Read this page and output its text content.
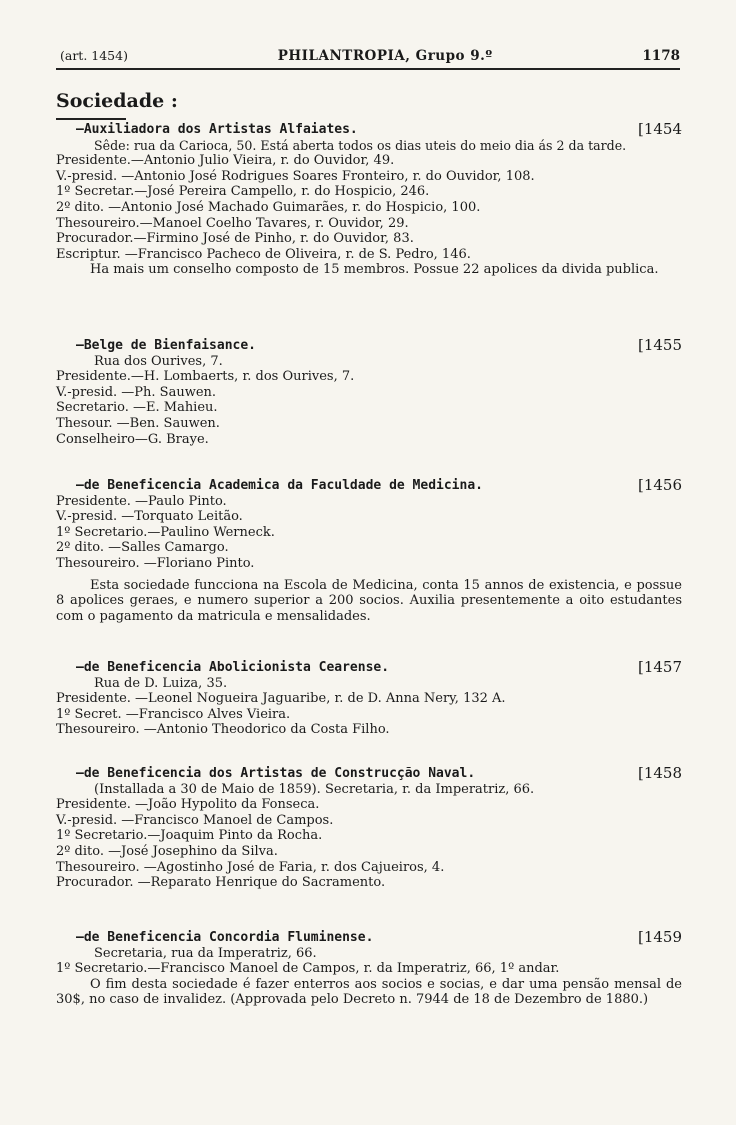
(art. 1454)	PHILANTROPIA, Grupo 9.º	1178
Sociedade :
—Auxiliadora dos Artistas Alfaiates.	[1454
Sêde: rua da Carioca, 50. Está aberta todos os dias uteis do meio dia ás 2 da tarde.
Presidente.—Antonio Julio Vieira, r. do Ouvidor, 49.
V.-presid. —Antonio José Rodrigues Soares Fronteiro, r. do Ouvidor, 108.
1º Secretar.—José Pereira Campello, r. do Hospicio, 246.
2º dito. —Antonio José Machado Guimarães, r. do Hospicio, 100.
Thesoureiro.—Manoel Coelho Tavares, r. Ouvidor, 29.
Procurador.—Firmino José de Pinho, r. do Ouvidor, 83.
Escriptur. —Francisco Pacheco de Oliveira, r. de S. Pedro, 146.
Ha mais um conselho composto de 15 membros. Possue 22 apolices da divida publica.
—Belge de Bienfaisance.	[1455
Rua dos Ourives, 7.
Presidente.—H. Lombaerts, r. dos Ourives, 7.
V.-presid. —Ph. Sauwen.
Secretario. —E. Mahieu.
Thesour. —Ben. Sauwen.
Conselheiro—G. Braye.
—de Beneficencia Academica da Faculdade de Medicina.	[1456
Presidente. —Paulo Pinto.
V.-presid. —Torquato Leitão.
1º Secretario.—Paulino Werneck.
2º dito. —Salles Camargo.
Thesoureiro. —Floriano Pinto.
Esta sociedade funcciona na Escola de Medicina, conta 15 annos de existencia, e possue 8 apolices geraes, e numero superior a 200 socios. Auxilia presentemente a oito estudantes com o pagamento da matricula e mensalidades.
—de Beneficencia Abolicionista Cearense.	[1457
Rua de D. Luiza, 35.
Presidente. —Leonel Nogueira Jaguaribe, r. de D. Anna Nery, 132 A.
1º Secret. —Francisco Alves Vieira.
Thesoureiro. —Antonio Theodorico da Costa Filho.
—de Beneficencia dos Artistas de Construcção Naval.	[1458
(Installada a 30 de Maio de 1859). Secretaria, r. da Imperatriz, 66.
Presidente. —João Hypolito da Fonseca.
V.-presid. —Francisco Manoel de Campos.
1º Secretario.—Joaquim Pinto da Rocha.
2º dito. —José Josephino da Silva.
Thesoureiro. —Agostinho José de Faria, r. dos Cajueiros, 4.
Procurador. —Reparato Henrique do Sacramento.
—de Beneficencia Concordia Fluminense.	[1459
Secretaria, rua da Imperatriz, 66.
1º Secretario.—Francisco Manoel de Campos, r. da Imperatriz, 66, 1º andar.
O fim desta sociedade é fazer enterros aos socios e socias, e dar uma pensão mensal de 30$, no caso de invalidez. (Approvada pelo Decreto n. 7944 de 18 de Dezembro de 1880.)
